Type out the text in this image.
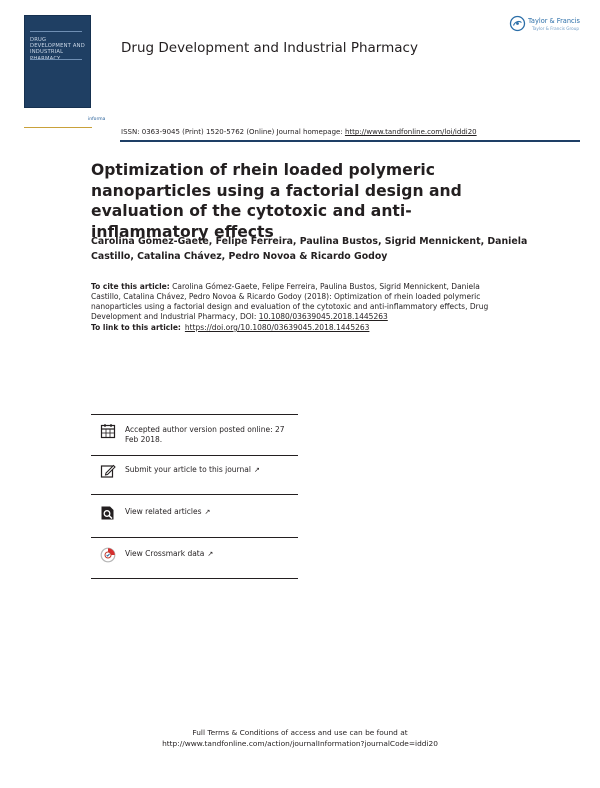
DRUG DEVELOPMENT AND INDUSTRIAL	Drug Development and Industrial Pharmacy
Taylor & Francis
Taylor & Francis Group
informa
ISSN: 0363-9045 (Print) 1520-5762 (Online) Journal homepage: http://www.tandfonline.com/loi/iddi20
Optimization of rhein loaded polymeric nanoparticles using a factorial design and evaluation of the cytotoxic and anti-inflammatory effects
Carolina Gómez-Gaete, Felipe Ferreira, Paulina Bustos, Sigrid Mennickent, Daniela Castillo, Catalina Chávez, Pedro Novoa & Ricardo Godoy
To cite this article: Carolina Gómez-Gaete, Felipe Ferreira, Paulina Bustos, Sigrid Mennickent, Daniela Castillo, Catalina Chávez, Pedro Novoa & Ricardo Godoy (2018): Optimization of rhein loaded polymeric nanoparticles using a factorial design and evaluation of the cytotoxic and anti-inflammatory effects, Drug Development and Industrial Pharmacy, DOI: 10.1080/03639045.2018.1445263
To link to this article: https://doi.org/10.1080/03639045.2018.1445263
Accepted author version posted online: 27 Feb 2018.
Submit your article to this journal ↗
View related articles ↗
View Crossmark data ↗
Full Terms & Conditions of access and use can be found at
http://www.tandfonline.com/action/journalInformation?journalCode=iddi20
